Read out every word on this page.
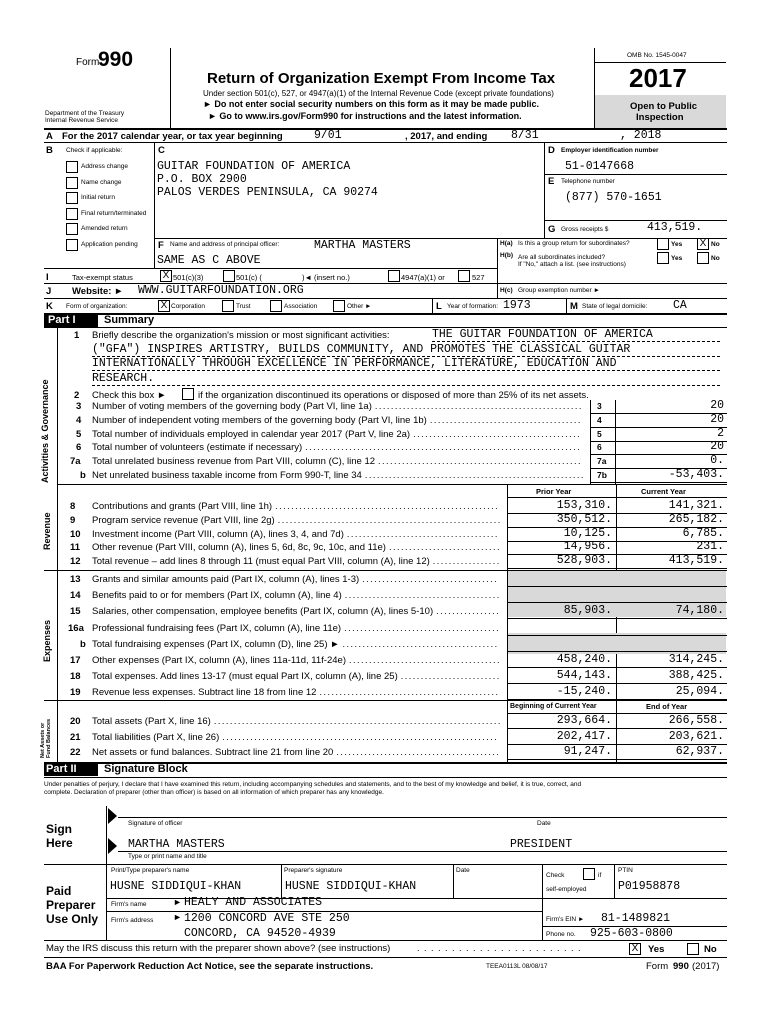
Form
990
Department of the Treasury
Internal Revenue Service
Return of Organization Exempt From Income Tax
Under section 501(c), 527, or 4947(a)(1) of the Internal Revenue Code (except private foundations)
► Do not enter social security numbers on this form as it may be made public.
► Go to www.irs.gov/Form990 for instructions and the latest information.
OMB No. 1545-0047
2017
Open to Public
Inspection
A For the 2017 calendar year, or tax year beginning	9/01	, 2017, and ending 8/31	, 2018
B Check if applicable:
Address change
Name change
Initial return
Final return/terminated
Amended return
Application pending
C
GUITAR FOUNDATION OF AMERICA
P.O. BOX 2900
PALOS VERDES PENINSULA, CA 90274
D Employer identification number
51-0147668
E Telephone number
(877) 570-1651
G Gross receipts $	413,519.
F Name and address of principal officer:	MARTHA MASTERS
SAME AS C ABOVE
H(a) Is this a group return for subordinates?	Yes X No
H(b) Are all subordinates included?
If "No," attach a list. (see instructions)
Yes	No
I	Tax-exempt status	X 501(c)(3)	501(c) (	)◄ (insert no.)	4947(a)(1) or	527
J Website: ► WWW.GUITARFOUNDATION.ORG	H(c) Group exemption number ►
K Form of organization:	X Corporation	Trust	Association	Other ►	L Year of formation: 1973	M State of legal domicile: CA
Part I	Summary
Activities & Governance
Revenue
Expenses
Net Assets or Fund Balances
1 Briefly describe the organization's mission or most significant activities:	THE GUITAR FOUNDATION OF AMERICA
("GFA") INSPIRES ARTISTRY, BUILDS COMMUNITY, AND PROMOTES THE CLASSICAL GUITAR
INTERNATIONALLY THROUGH EXCELLENCE IN PERFORMANCE, LITERATURE, EDUCATION AND
RESEARCH.
2 Check this box ►	if the organization discontinued its operations or disposed of more than 25% of its net assets.
3 Number of voting members of the governing body (Part VI, line 1a)	3	20
4 Number of independent voting members of the governing body (Part VI, line 1b)	4	20
5 Total number of individuals employed in calendar year 2017 (Part V, line 2a)	5	2
6 Total number of volunteers (estimate if necessary)	6	20
7a Total unrelated business revenue from Part VIII, column (C), line 12	7a	0.
b Net unrelated business taxable income from Form 990-T, line 34	7b	-53,403.
....................................................
......................................
..........................................
.....................................................................
...................................................
.......................................................
Prior Year	Current Year
8 Contributions and grants (Part VIII, line 1h)	153,310.	141,321.
9 Program service revenue (Part VIII, line 2g)	350,512.	265,182.
10 Investment income (Part VIII, column (A), lines 3, 4, and 7d)	10,125.	6,785.
11 Other revenue (Part VIII, column (A), lines 5, 6d, 8c, 9c, 10c, and 11e)	14,956.	231.
12 Total revenue – add lines 8 through 11 (must equal Part VIII, column (A), line 12)	528,903.	413,519.
........................................................
........................................................
......................................
............................
.................
13 Grants and similar amounts paid (Part IX, column (A), lines 1-3)
14 Benefits paid to or for members (Part IX, column (A), line 4)
15 Salaries, other compensation, employee benefits (Part IX, column (A), lines 5-10)	85,903.	74,180.
16a Professional fundraising fees (Part IX, column (A), line 11e)
b Total fundraising expenses (Part IX, column (D), line 25) ►
17 Other expenses (Part IX, column (A), lines 11a-11d, 11f-24e)	458,240.	314,245.
18 Total expenses. Add lines 13-17 (must equal Part IX, column (A), line 25)	544,143.	388,425.
19 Revenue less expenses. Subtract line 18 from line 12	-15,240.	25,094.
..................................
.......................................
................
.......................................
.......................................
......................................
.........................
.............................................
Beginning of Current Year	End of Year
20 Total assets (Part X, line 16)	293,664.	266,558.
21 Total liabilities (Part X, line 26)	202,417.	203,621.
22 Net assets or fund balances. Subtract line 21 from line 20	91,247.	62,937.
........................................................................
.....................................................................
.........................................
Part II Signature Block
Under penalties of perjury, I declare that I have examined this return, including accompanying schedules and statements, and to the best of my knowledge and belief, it is true, correct, and
complete. Declaration of preparer (other than officer) is based on all information of which preparer has any knowledge.
Sign
Here
Signature of officer	Date
MARTHA MASTERS	PRESIDENT
Type or print name and title
Paid
Preparer
Use Only
Print/Type preparer's name	Preparer's signature	Date
Check	if
self-employed
PTIN
HUSNE SIDDIQUI-KHAN	HUSNE SIDDIQUI-KHAN	P01958878
Firm's name	► HEALY AND ASSOCIATES
Firm's address ► 1200 CONCORD AVE STE 250
CONCORD, CA 94520-4939
Firm's EIN ► 81-1489821
Phone no. 925-603-0800
May the IRS discuss this return with the preparer shown above? (see instructions)	. . . . . . . . . . . . . . . . . . . . . . . .	X Yes	No
BAA For Paperwork Reduction Act Notice, see the separate instructions.	TEEA0113L 08/08/17	Form 990 (2017)
